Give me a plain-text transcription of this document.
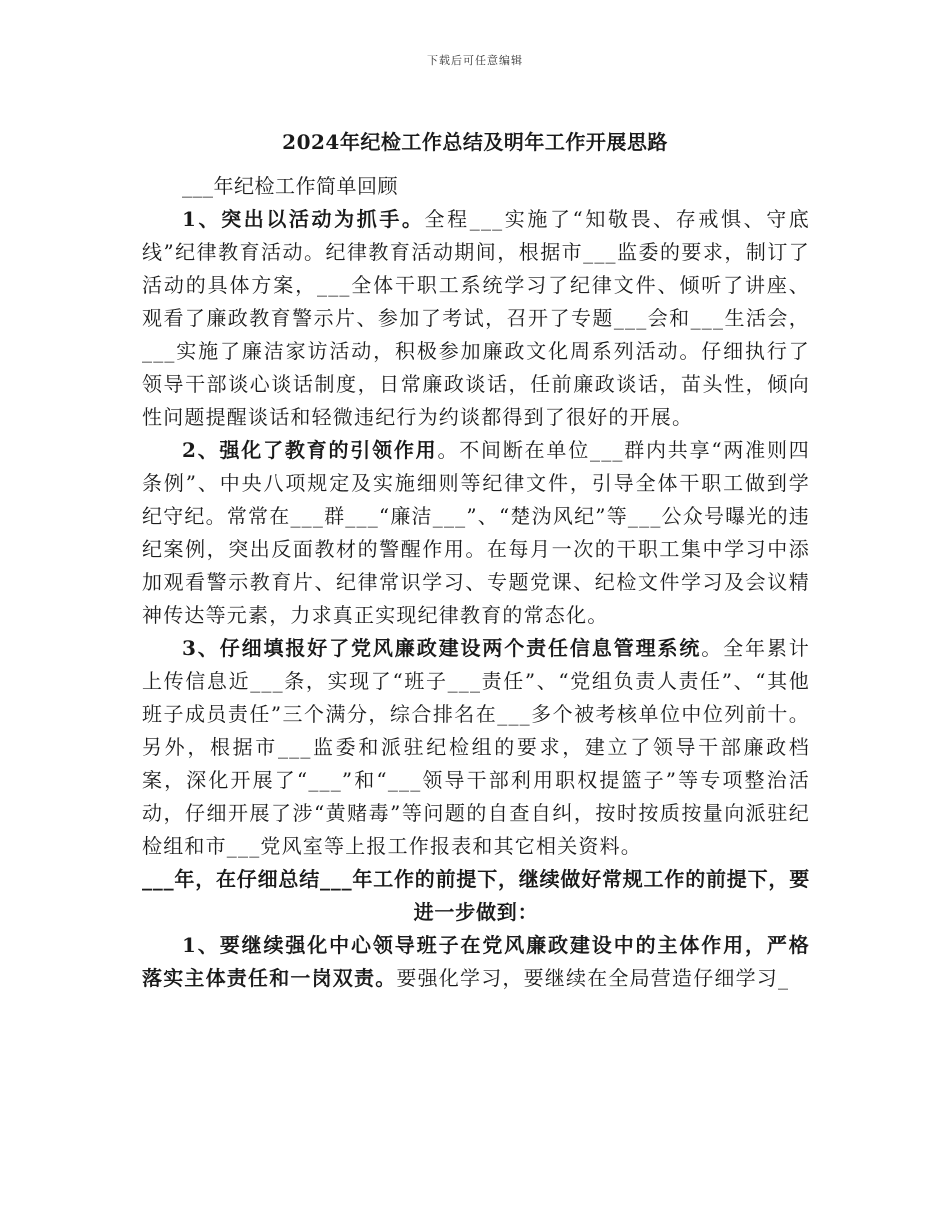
下载后可任意编辑
2024年纪检工作总结及明年工作开展思路

___年纪检工作简单回顾

1、突出以活动为抓手。全程___实施了“知敬畏、存戒惧、守底线”纪律教育活动。纪律教育活动期间，根据市___监委的要求，制订了活动的具体方案，___全体干职工系统学习了纪律文件、倾听了讲座、观看了廉政教育警示片、参加了考试，召开了专题___会和___生活会，___实施了廉洁家访活动，积极参加廉政文化周系列活动。仔细执行了领导干部谈心谈话制度，日常廉政谈话，任前廉政谈话，苗头性，倾向性问题提醒谈话和轻微违纪行为约谈都得到了很好的开展。

2、强化了教育的引领作用。不间断在单位___群内共享“两准则四条例”、中央八项规定及实施细则等纪律文件，引导全体干职工做到学纪守纪。常常在___群___“廉洁___”、“楚沩风纪”等___公众号曝光的违纪案例，突出反面教材的警醒作用。在每月一次的干职工集中学习中添加观看警示教育片、纪律常识学习、专题党课、纪检文件学习及会议精神传达等元素，力求真正实现纪律教育的常态化。

3、仔细填报好了党风廉政建设两个责任信息管理系统。全年累计上传信息近___条，实现了“班子___责任”、“党组负责人责任”、“其他班子成员责任”三个满分，综合排名在___多个被考核单位中位列前十。另外，根据市___监委和派驻纪检组的要求，建立了领导干部廉政档案，深化开展了“___”和“___领导干部利用职权提篮子”等专项整治活动，仔细开展了涉“黄赌毒”等问题的自查自纠，按时按质按量向派驻纪检组和市___党风室等上报工作报表和其它相关资料。

___年，在仔细总结___年工作的前提下，继续做好常规工作的前提下，要进一步做到：

1、要继续强化中心领导班子在党风廉政建设中的主体作用，严格落实主体责任和一岗双责。要强化学习，要继续在全局营造仔细学习_
